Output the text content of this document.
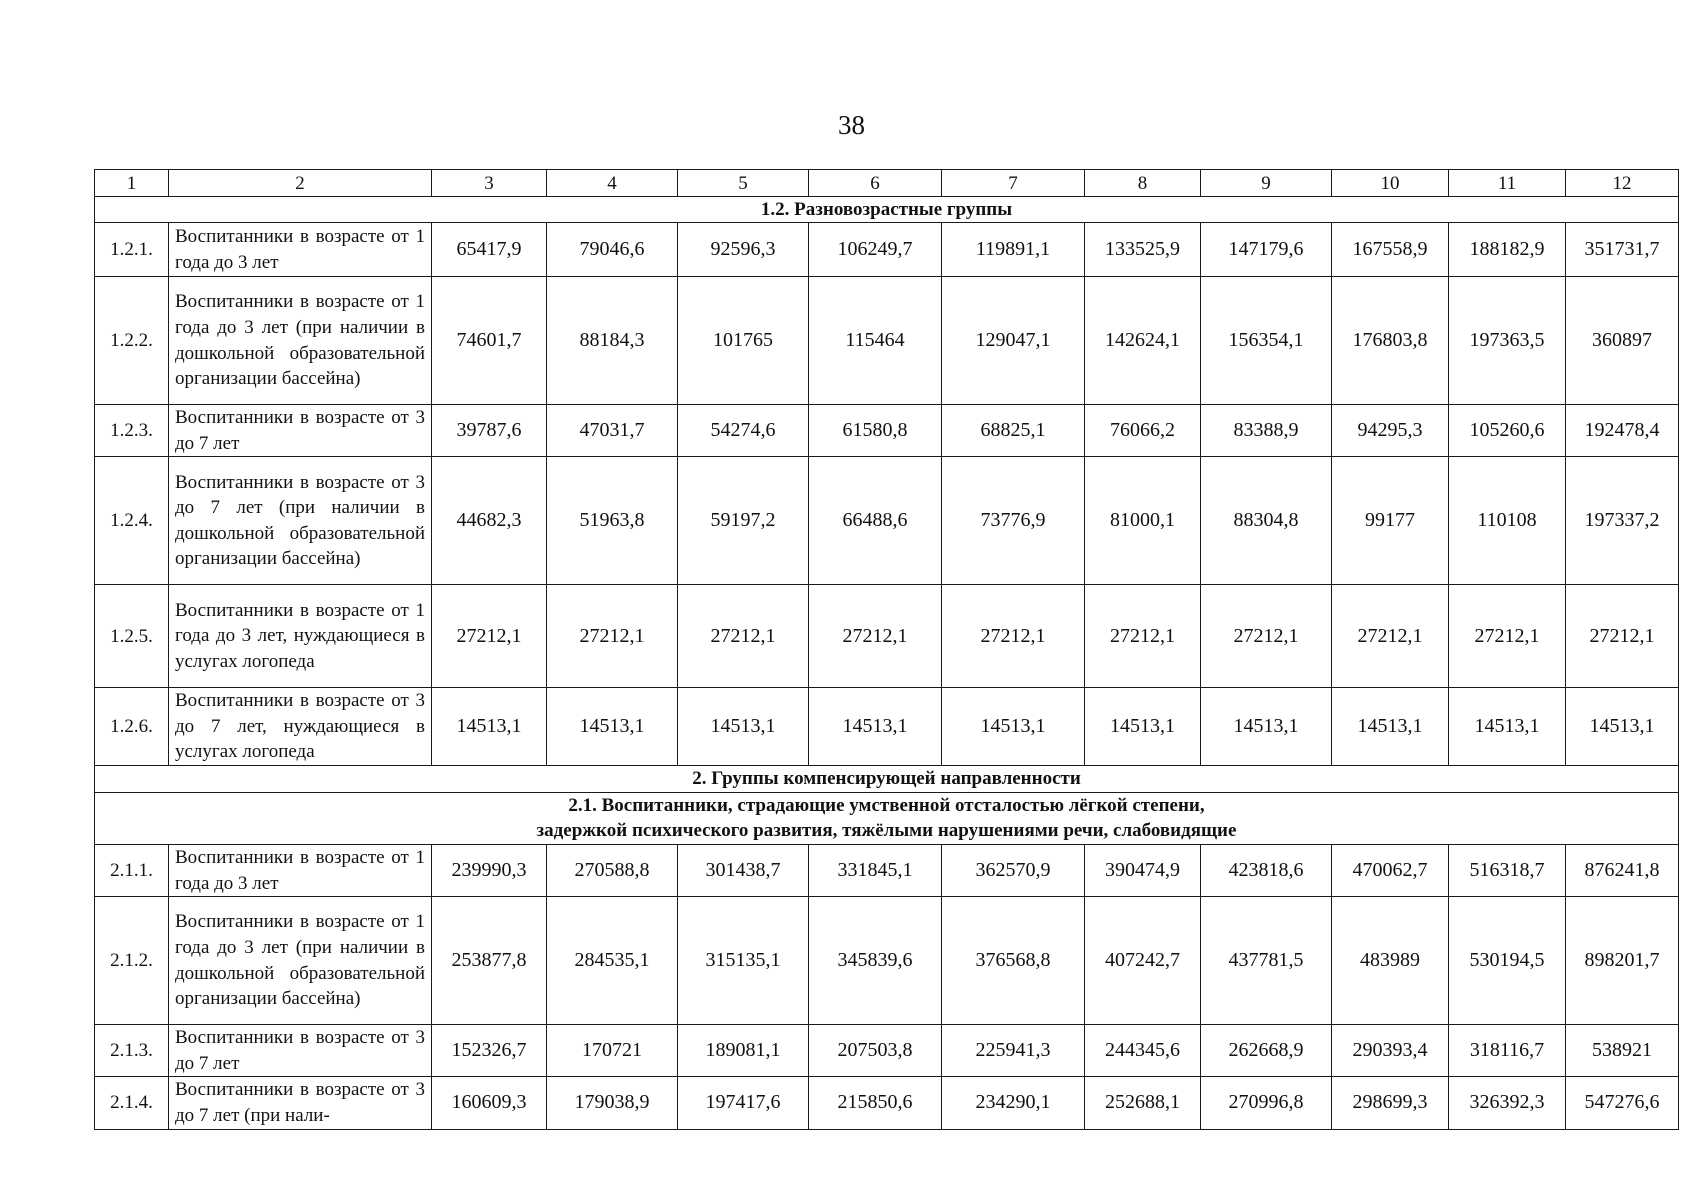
38
1	2	3	4	5	6	7	8	9	10	11	12
1.2. Разновозрастные группы											
1.2.1.	Воспитанники в возрасте от 1 года до 3 лет	65417,9	79046,6	92596,3	106249,7	119891,1	133525,9	147179,6	167558,9	188182,9	351731,7
1.2.2.	Воспитанники в возрасте от 1 года до 3 лет (при наличии в дошкольной образовательной организации бассейна)	74601,7	88184,3	101765	115464	129047,1	142624,1	156354,1	176803,8	197363,5	360897
1.2.3.	Воспитанники в возрасте от 3 до 7 лет	39787,6	47031,7	54274,6	61580,8	68825,1	76066,2	83388,9	94295,3	105260,6	192478,4
1.2.4.	Воспитанники в возрасте от 3 до 7 лет (при наличии в дошкольной образовательной организации бассейна)	44682,3	51963,8	59197,2	66488,6	73776,9	81000,1	88304,8	99177	110108	197337,2
1.2.5.	Воспитанники в возрасте от 1 года до 3 лет, нуждающиеся в услугах логопеда	27212,1	27212,1	27212,1	27212,1	27212,1	27212,1	27212,1	27212,1	27212,1	27212,1
1.2.6.	Воспитанники в возрасте от 3 до 7 лет, нуждающиеся в услугах логопеда	14513,1	14513,1	14513,1	14513,1	14513,1	14513,1	14513,1	14513,1	14513,1	14513,1
2. Группы компенсирующей направленности											

2.1. Воспитанники, страдающие умственной отсталостью лёгкой степени,
задержкой психического развития, тяжёлыми нарушениями речи, слабовидящие											

2.1.1.	Воспитанники в возрасте от 1 года до 3 лет	239990,3	270588,8	301438,7	331845,1	362570,9	390474,9	423818,6	470062,7	516318,7	876241,8
2.1.2.	Воспитанники в возрасте от 1 года до 3 лет (при наличии в дошкольной образовательной организации бассейна)	253877,8	284535,1	315135,1	345839,6	376568,8	407242,7	437781,5	483989	530194,5	898201,7
2.1.3.	Воспитанники в возрасте от 3 до 7 лет	152326,7	170721	189081,1	207503,8	225941,3	244345,6	262668,9	290393,4	318116,7	538921
2.1.4.	Воспитанники в возрасте от 3 до 7 лет (при нали-	160609,3	179038,9	197417,6	215850,6	234290,1	252688,1	270996,8	298699,3	326392,3	547276,6
